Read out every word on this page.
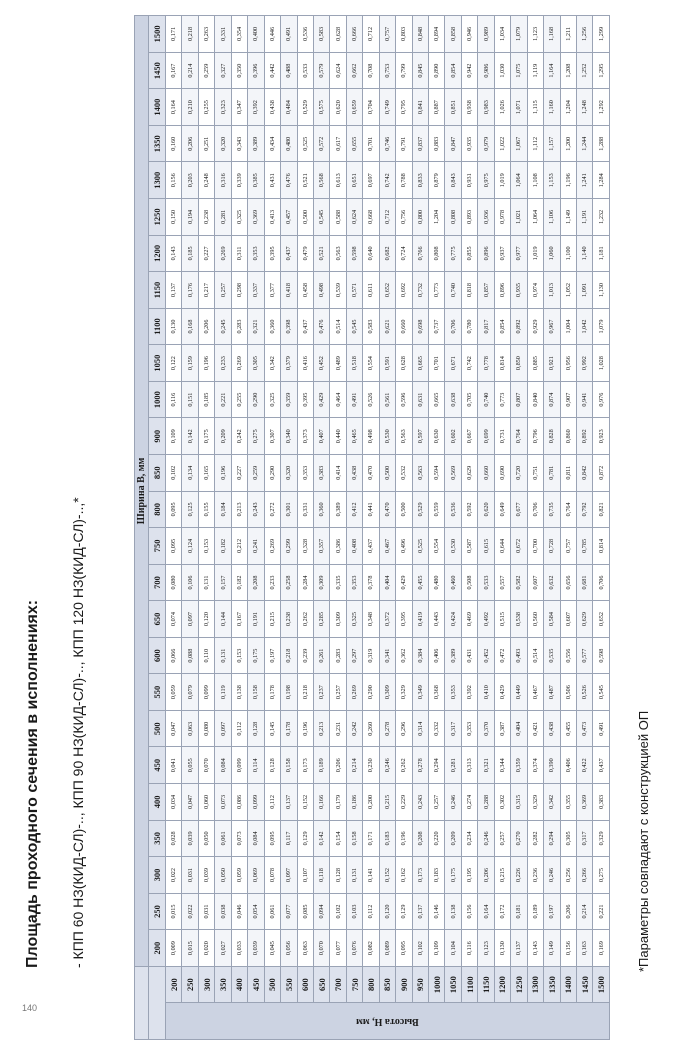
140
Площадь проходного сечения в исполнениях: - КПП 60 НЗ(КИД-СЛ)-.., КПП 90 НЗ(КИД-СЛ)-.., КПП 120 НЗ(КИД-СЛ)-..,*	*Параметры совпадают с конструкцией ОП
		Ширина В, мм																									
		200	250	300	350	400	450	500	550	600	650	700	750	800	850	900	1000	1050	1100	1150	1200	1250	1300	1350	1400	1450	1500

Высота Н, мм	200	0,009	0,015	0,022	0,028	0,034	0,041	0,047	0,059	0,066	0,074	0,080	0,095	0,095	0,102	0,109	0,116	0,122	0,130	0,137	0,143	0,150	0,156	0,160	0,164	0,167	0,171
	250	0,015	0,022	0,031	0,039	0,047	0,055	0,063	0,079	0,088	0,097	0,106	0,124	0,125	0,134	0,142	0,151	0,159	0,168	0,176	0,185	0,194	0,203	0,206	0,210	0,214	0,218
	300	0,020	0,031	0,039	0,050	0,060	0,070	0,080	0,099	0,110	0,120	0,131	0,153	0,155	0,165	0,175	0,185	0,196	0,206	0,217	0,227	0,238	0,248	0,251	0,255	0,259	0,263
	350	0,027	0,038	0,050	0,061	0,073	0,084	0,097	0,119	0,131	0,144	0,157	0,182	0,184	0,196	0,209	0,221	0,233	0,245	0,257	0,269	0,281	0,316	0,320	0,323	0,327	0,331
	400	0,033	0,046	0,059	0,073	0,086	0,099	0,112	0,138	0,153	0,167	0,182	0,212	0,213	0,227	0,242	0,255	0,269	0,283	0,298	0,311	0,325	0,339	0,343	0,347	0,350	0,354
	450	0,039	0,054	0,069	0,084	0,099	0,114	0,128	0,158	0,175	0,191	0,208	0,241	0,243	0,259	0,275	0,290	0,305	0,321	0,337	0,353	0,369	0,385	0,389	0,392	0,396	0,400
	500	0,045	0,061	0,078	0,095	0,112	0,128	0,145	0,178	0,197	0,215	0,233	0,269	0,272	0,290	0,307	0,325	0,342	0,360	0,377	0,395	0,413	0,431	0,434	0,438	0,442	0,446
	550	0,056	0,077	0,097	0,117	0,137	0,158	0,178	0,198	0,218	0,238	0,258	0,299	0,301	0,320	0,340	0,359	0,379	0,398	0,418	0,437	0,457	0,476	0,480	0,484	0,488	0,491
	600	0,063	0,085	0,107	0,129	0,152	0,173	0,196	0,218	0,239	0,262	0,284	0,328	0,331	0,353	0,373	0,395	0,416	0,437	0,458	0,479	0,500	0,521	0,525	0,529	0,533	0,536
	650	0,070	0,094	0,118	0,142	0,166	0,189	0,213	0,237	0,261	0,285	0,309	0,357	0,360	0,383	0,407	0,429	0,452	0,476	0,498	0,521	0,545	0,568	0,572	0,575	0,579	0,583
	700	0,077	0,102	0,128	0,154	0,179	0,206	0,231	0,257	0,283	0,309	0,335	0,386	0,389	0,414	0,440	0,464	0,489	0,514	0,539	0,563	0,588	0,613	0,617	0,620	0,624	0,628
	750	0,076	0,103	0,131	0,158	0,186	0,214	0,242	0,269	0,297	0,325	0,353	0,408	0,412	0,438	0,465	0,491	0,518	0,545	0,571	0,598	0,624	0,651	0,655	0,659	0,662	0,666
	800	0,082	0,112	0,141	0,171	0,200	0,230	0,260	0,290	0,319	0,348	0,378	0,437	0,441	0,470	0,498	0,526	0,554	0,583	0,611	0,640	0,668	0,697	0,701	0,704	0,708	0,712
	850	0,089	0,120	0,152	0,183	0,215	0,246	0,278	0,309	0,341	0,372	0,404	0,467	0,470	0,500	0,530	0,561	0,591	0,621	0,652	0,682	0,712	0,742	0,746	0,749	0,753	0,757
	900	0,095	0,129	0,162	0,196	0,229	0,262	0,296	0,329	0,362	0,395	0,429	0,496	0,500	0,532	0,563	0,596	0,628	0,660	0,692	0,724	0,756	0,788	0,791	0,795	0,799	0,803
	950	0,102	0,137	0,173	0,208	0,243	0,278	0,314	0,349	0,384	0,419	0,455	0,525	0,529	0,563	0,597	0,631	0,665	0,698	0,732	0,766	0,800	0,833	0,837	0,841	0,845	0,848
	1000	0,109	0,146	0,183	0,220	0,257	0,294	0,332	0,368	0,406	0,443	0,480	0,554	0,559	0,594	0,630	0,665	0,701	0,737	0,773	0,808	1,204	0,879	0,883	0,887	0,890	0,894
	1050	0,104	0,138	0,175	0,209	0,246	0,281	0,317	0,353	0,389	0,424	0,460	0,530	0,536	0,569	0,602	0,638	0,671	0,706	0,740	0,775	0,808	0,843	0,847	0,851	0,854	0,858
	1100	0,116	0,156	0,195	0,234	0,274	0,313	0,353	0,392	0,431	0,469	0,508	0,587	0,592	0,629	0,667	0,705	0,742	0,780	0,818	0,855	0,893	0,931	0,935	0,938	0,942	0,946
	1150	0,123	0,164	0,206	0,246	0,288	0,321	0,370	0,410	0,452	0,492	0,533	0,615	0,620	0,660	0,699	0,740	0,778	0,817	0,857	0,896	0,936	0,975	0,979	0,983	0,986	0,989
	1200	0,130	0,172	0,215	0,257	0,302	0,344	0,387	0,429	0,472	0,515	0,557	0,644	0,649	0,690	0,731	0,773	0,814	0,854	0,896	0,937	0,978	1,019	1,022	1,026	1,030	1,034
	1250	0,137	0,181	0,226	0,270	0,315	0,359	0,404	0,449	0,493	0,538	0,582	0,672	0,677	0,720	0,764	0,807	0,850	0,892	0,935	0,977	1,021	1,064	1,067	1,071	1,075	1,079
	1300	0,143	0,189	0,236	0,282	0,329	0,374	0,421	0,467	0,514	0,560	0,607	0,700	0,706	0,751	0,796	0,840	0,885	0,929	0,974	1,019	1,064	1,108	1,112	1,115	1,119	1,123
	1350	0,149	0,197	0,246	0,294	0,342	0,390	0,438	0,487	0,535	0,584	0,632	0,728	0,735	0,781	0,828	0,874	0,921	0,967	1,013	1,060	1,106	1,153	1,157	1,160	1,164	1,168
	1400	0,156	0,206	0,256	0,305	0,355	0,406	0,455	0,506	0,556	0,607	0,656	0,757	0,764	0,811	0,860	0,907	0,956	1,004	1,052	1,100	1,149	1,196	1,200	1,204	1,208	1,211
	1450	0,163	0,214	0,266	0,317	0,369	0,422	0,473	0,526	0,577	0,629	0,681	0,785	0,792	0,842	0,892	0,941	0,992	1,042	1,091	1,140	1,191	1,241	1,244	1,248	1,252	1,256
	1500	0,169	0,221	0,275	0,329	0,383	0,437	0,491	0,545	0,598	0,652	0,706	0,814	0,821	0,872	0,923	0,976	1,028	1,079	1,130	1,181	1,232	1,284	1,288	1,292	1,295	1,299
